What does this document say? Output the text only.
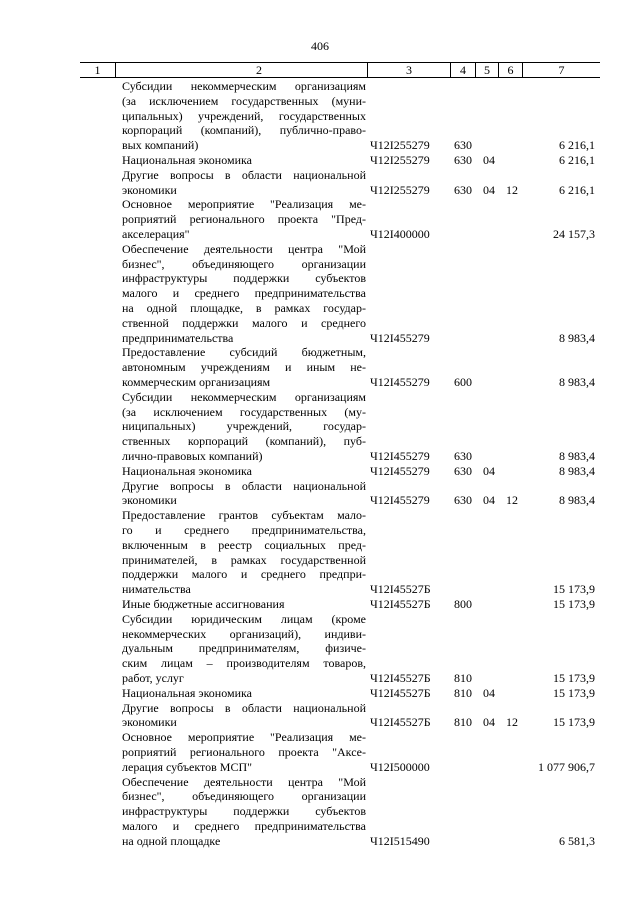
406
1	2	3	4	5	6	7
Субсидии некоммерческим организациям
(за исключением государственных (муни-
ципальных) учреждений, государственных
корпораций (компаний), публично-право-
вых компаний)	Ч12I255279 630	6 216,1
Национальная экономика	Ч12I255279 630 04	6 216,1
Другие вопросы в области национальной
экономики	Ч12I255279 630 04 12	6 216,1
Основное мероприятие "Реализация ме-
роприятий регионального проекта "Пред-
акселерация"	Ч12I400000	24 157,3
Обеспечение деятельности центра "Мой
бизнес", объединяющего организации
инфраструктуры поддержки субъектов
малого и среднего предпринимательства
на одной площадке, в рамках государ-
ственной поддержки малого и среднего
предпринимательства	Ч12I455279	8 983,4
Предоставление субсидий бюджетным,
автономным учреждениям и иным не-
коммерческим организациям	Ч12I455279 600	8 983,4
Субсидии некоммерческим организациям
(за исключением государственных (му-
ниципальных) учреждений, государ-
ственных корпораций (компаний), пуб-
лично-правовых компаний)	Ч12I455279 630	8 983,4
Национальная экономика	Ч12I455279 630 04	8 983,4
Другие вопросы в области национальной
экономики	Ч12I455279 630 04 12	8 983,4
Предоставление грантов субъектам мало-
го и среднего предпринимательства,
включенным в реестр социальных пред-
принимателей, в рамках государственной
поддержки малого и среднего предпри-
нимательства	Ч12I45527Б	15 173,9
Иные бюджетные ассигнования	Ч12I45527Б 800	15 173,9
Субсидии юридическим лицам (кроме
некоммерческих организаций), индиви-
дуальным предпринимателям, физиче-
ским лицам – производителям товаров,
работ, услуг	Ч12I45527Б 810	15 173,9
Национальная экономика	Ч12I45527Б 810 04	15 173,9
Другие вопросы в области национальной
экономики	Ч12I45527Б 810 04 12	15 173,9
Основное мероприятие "Реализация ме-
роприятий регионального проекта "Аксе-
лерация субъектов МСП"	Ч12I500000	1 077 906,7
Обеспечение деятельности центра "Мой
бизнес", объединяющего организации
инфраструктуры поддержки субъектов
малого и среднего предпринимательства
на одной площадке	Ч12I515490	6 581,3
